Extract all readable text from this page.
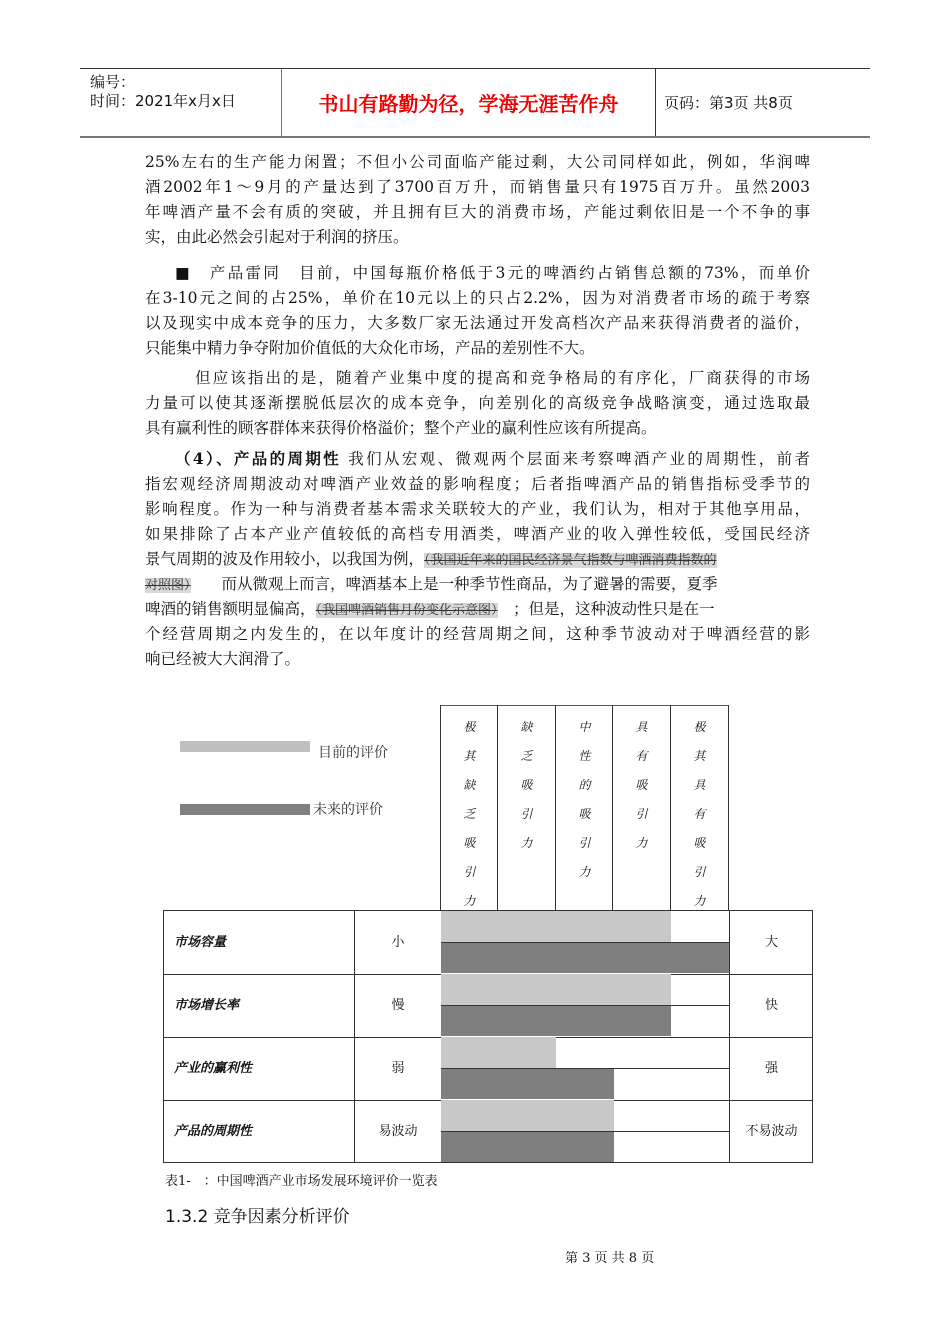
编号：
时间：2021年x月x日	书山有路勤为径，学海无涯苦作舟	页码：第3页 共8页
25%左右的生产能力闲置；不但小公司面临产能过剩，大公司同样如此，例如，华润啤
酒2002年1～9月的产量达到了3700百万升，而销售量只有1975百万升。虽然2003
年啤酒产量不会有质的突破，并且拥有巨大的消费市场，产能过剩依旧是一个不争的事
实，由此必然会引起对于利润的挤压。
■　产品雷同　目前，中国每瓶价格低于3元的啤酒约占销售总额的73%，而单价
在3-10元之间的占25%，单价在10元以上的只占2.2%，因为对消费者市场的疏于考察
以及现实中成本竞争的压力，大多数厂家无法通过开发高档次产品来获得消费者的溢价，
只能集中精力争夺附加价值低的大众化市场，产品的差别性不大。
但应该指出的是，随着产业集中度的提高和竞争格局的有序化，厂商获得的市场
力量可以使其逐渐摆脱低层次的成本竞争，向差别化的高级竞争战略演变，通过选取最
具有赢利性的顾客群体来获得价格溢价；整个产业的赢利性应该有所提高。
（4）、产品的周期性 我们从宏观、微观两个层面来考察啤酒产业的周期性，前者
指宏观经济周期波动对啤酒产业效益的影响程度；后者指啤酒产品的销售指标受季节的
影响程度。作为一种与消费者基本需求关联较大的产业，我们认为，相对于其他享用品，
如果排除了占本产业产值较低的高档专用酒类，啤酒产业的收入弹性较低，受国民经济
景气周期的波及作用较小，以我国为例，（我国近年来的国民经济景气指数与啤酒消费指数的
对照图）　　而从微观上而言，啤酒基本上是一种季节性商品，为了避暑的需要，夏季
啤酒的销售额明显偏高，（我国啤酒销售月份变化示意图）　；但是，这种波动性只是在一
个经营周期之内发生的，在以年度计的经营周期之间，这种季节波动对于啤酒经营的影
响已经被大大润滑了。
目前的评价
未来的评价
极其缺乏吸引力
缺乏吸引力
中性的吸引力
具有吸引力
极其具有吸引力
市场容量	小	大
市场增长率	慢	快
产业的赢利性	弱	强
产品的周期性	易波动	不易波动
表1-　：中国啤酒产业市场发展环境评价一览表
1.3.2 竞争因素分析评价
第 3 页 共 8 页
